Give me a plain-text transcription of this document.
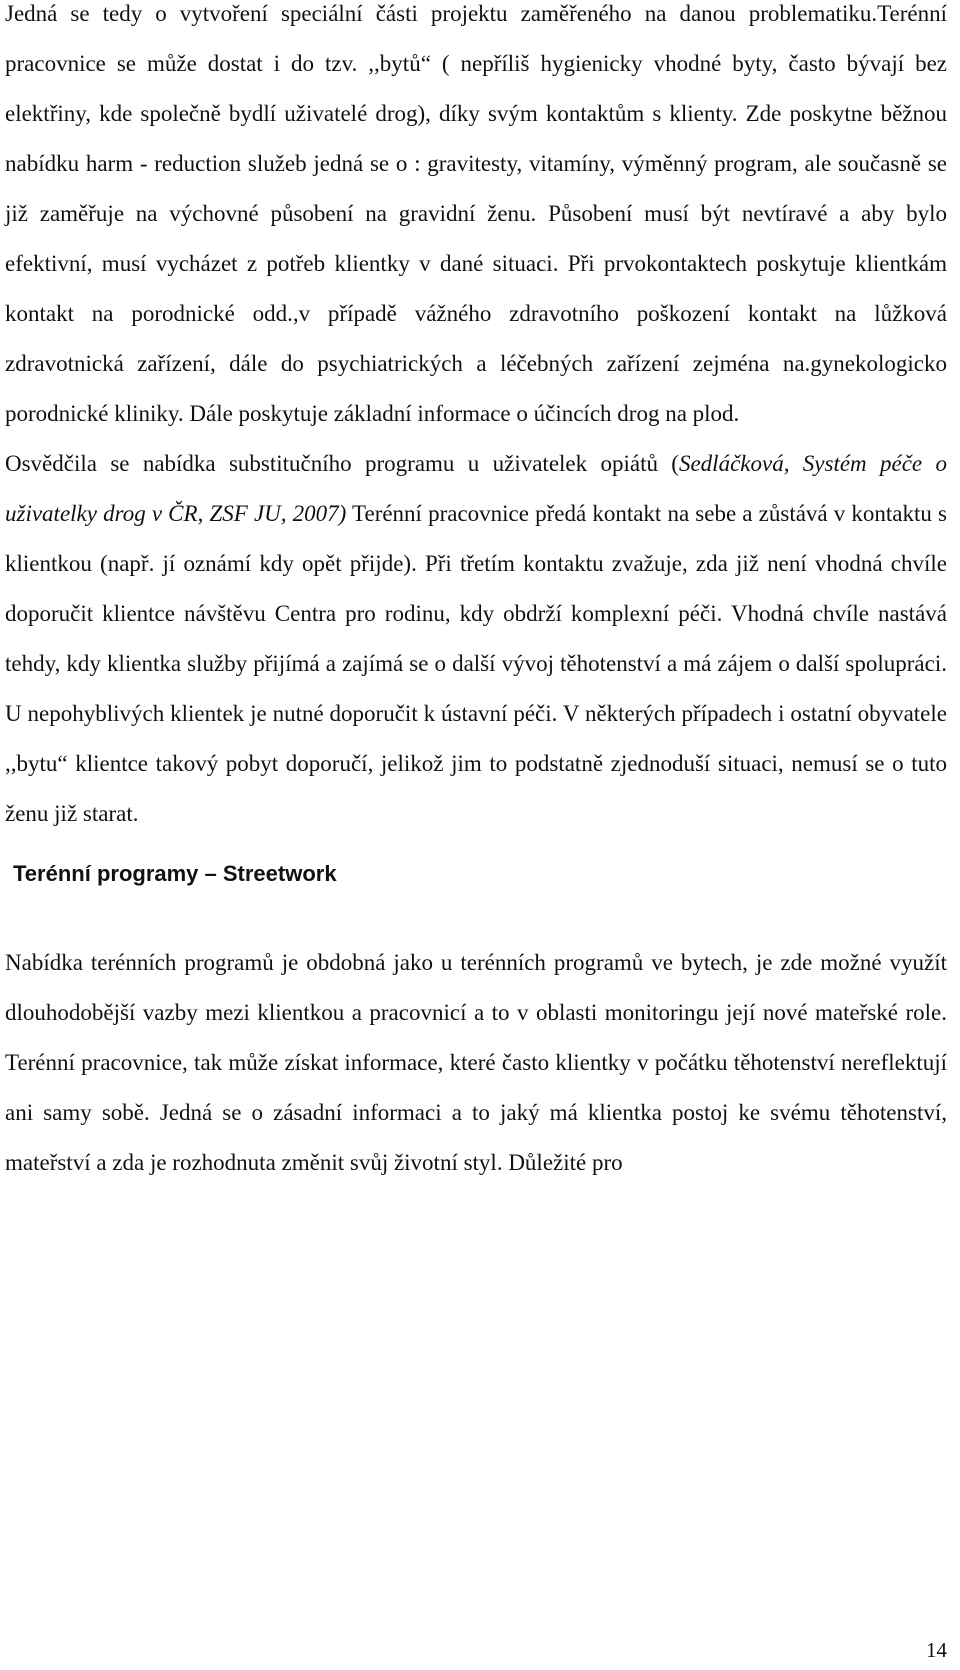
Jedná se tedy o vytvoření speciální části projektu zaměřeného na danou problematiku.Terénní pracovnice se může dostat i do tzv. ,,bytů“ ( nepříliš hygienicky vhodné byty, často bývají bez elektřiny, kde společně bydlí uživatelé drog), díky svým kontaktům s klienty. Zde poskytne běžnou nabídku harm - reduction služeb jedná se o : gravitesty, vitamíny, výměnný program, ale současně se již zaměřuje na výchovné působení na gravidní ženu. Působení musí být nevtíravé a aby bylo efektivní, musí vycházet z potřeb klientky v dané situaci. Při prvokontaktech poskytuje klientkám kontakt na porodnické odd.,v případě vážného zdravotního poškození kontakt na lůžková zdravotnická zařízení, dále do psychiatrických a léčebných zařízení zejména na.gynekologicko porodnické kliniky. Dále poskytuje základní informace o účincích drog na plod.

Osvědčila se nabídka substitučního programu u uživatelek opiátů (Sedláčková, Systém péče o uživatelky drog v ČR, ZSF JU, 2007) Terénní pracovnice předá kontakt na sebe a zůstává v kontaktu s klientkou (např. jí oznámí kdy opět přijde). Při třetím kontaktu zvažuje, zda již není vhodná chvíle doporučit klientce návštěvu Centra pro rodinu, kdy obdrží komplexní péči. Vhodná chvíle nastává tehdy, kdy klientka služby přijímá a zajímá se o další vývoj těhotenství a má zájem o další spolupráci. U nepohyblivých klientek je nutné doporučit k ústavní péči. V některých případech i ostatní obyvatele ,,bytu“ klientce takový pobyt doporučí, jelikož jim to podstatně zjednoduší situaci, nemusí se o tuto ženu již starat.

Terénní programy – Streetwork

Nabídka terénních programů je obdobná jako u terénních programů ve bytech, je zde možné využít dlouhodobější vazby mezi klientkou a pracovnicí a to v oblasti monitoringu její nové mateřské role. Terénní pracovnice, tak může získat informace, které často klientky v počátku těhotenství nereflektují ani samy sobě. Jedná se o zásadní informaci a to jaký má klientka postoj ke svému těhotenství, mateřství a zda je rozhodnuta změnit svůj životní styl. Důležité pro

14
